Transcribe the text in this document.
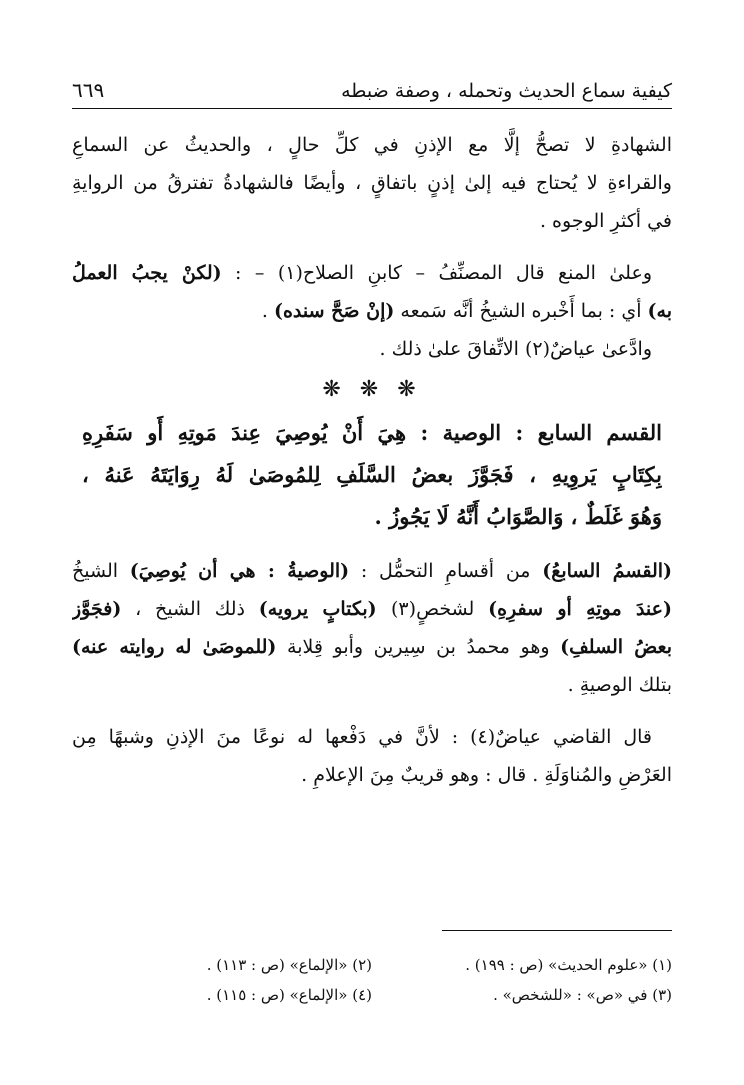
كيفية سماع الحديث وتحمله ، وصفة ضبطه
٦٦٩
الشهادةِ لا تصحُّ إلَّا مع الإذنِ في كلِّ حالٍ ، والحديثُ عن السماعِ
والقراءةِ لا يُحتاج فيه إلىٰ إذنٍ باتفاقٍ ، وأيضًا فالشهادةُ تفترقُ من الروايةِ
في أكثرِ الوجوه .
وعلىٰ المنع قال المصنِّفُ – كابنِ الصلاح(١) – : (لكنْ يجبُ العملُ
به) أي : بما أَخْبره الشيخُ أنَّه سَمعه (إنْ صَحَّ سنده) .
وادَّعىٰ عياضٌ(٢) الاتِّفاقَ علىٰ ذلك .
❋ ❋ ❋
القسم السابع : الوصية : هِيَ أَنْ يُوصِيَ عِندَ مَوتِهِ أَو سَفَرِهِ
بِكِتَابٍ يَروِيهِ ، فَجَوَّزَ بعضُ السَّلَفِ لِلمُوصَىٰ لَهُ رِوَايَتَهُ عَنهُ ،
وَهُوَ غَلَطٌ ، وَالصَّوَابُ أَنَّهُ لَا يَجُوزُ .
(القسمُ السابعُ) من أقسامِ التحمُّل : (الوصيةُ : هي أن يُوصِيَ) الشيخُ
(عندَ موتِهِ أو سفرِهِ) لشخصٍ(٣) (بكتابٍ يرويه) ذلك الشيخ ، (فجَوَّز
بعضُ السلفِ) وهو محمدُ بن سِيرين وأبو قِلابة (للموصَىٰ له روايته عنه)
بتلك الوصيةِ .
قال القاضي عياضٌ(٤) : لأنَّ في دَفْعها له نوعًا منَ الإذنِ وشبهًا مِن
العَرْضِ والمُناوَلَةِ . قال : وهو قريبٌ مِنَ الإعلامِ .
(١) «علوم الحديث» (ص : ١٩٩) .
(٢) «الإلماع» (ص : ١١٣) .
(٣) في «ص» : «للشخص» .
(٤) «الإلماع» (ص : ١١٥) .
